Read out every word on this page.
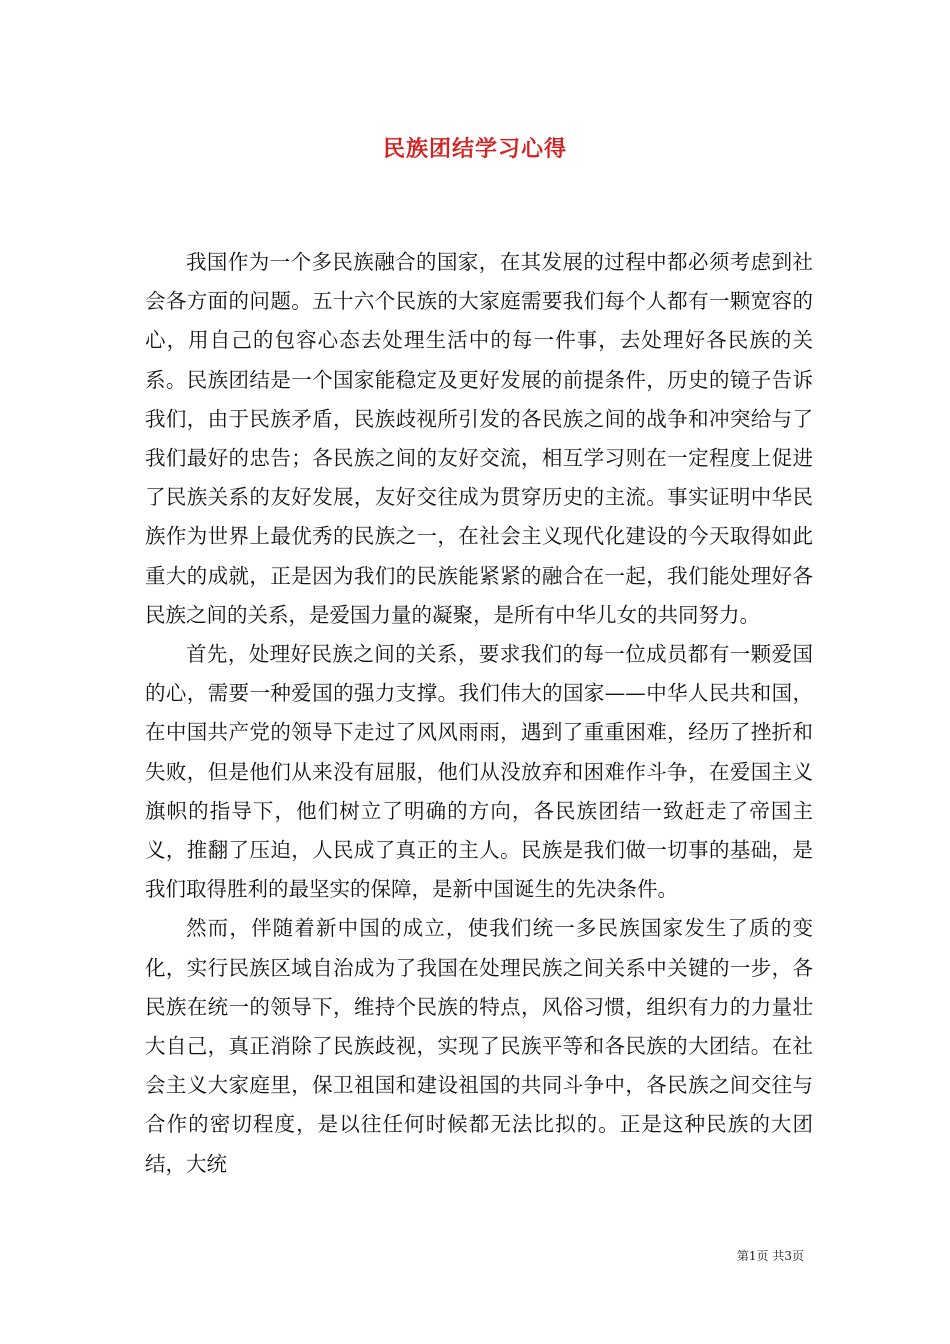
民族团结学习心得

我国作为一个多民族融合的国家，在其发展的过程中都必须考虑到社会各方面的问题。五十六个民族的大家庭需要我们每个人都有一颗宽容的心，用自己的包容心态去处理生活中的每一件事，去处理好各民族的关系。民族团结是一个国家能稳定及更好发展的前提条件，历史的镜子告诉我们，由于民族矛盾，民族歧视所引发的各民族之间的战争和冲突给与了我们最好的忠告；各民族之间的友好交流，相互学习则在一定程度上促进了民族关系的友好发展，友好交往成为贯穿历史的主流。事实证明中华民族作为世界上最优秀的民族之一，在社会主义现代化建设的今天取得如此重大的成就，正是因为我们的民族能紧紧的融合在一起，我们能处理好各民族之间的关系，是爱国力量的凝聚，是所有中华儿女的共同努力。

首先，处理好民族之间的关系，要求我们的每一位成员都有一颗爱国的心，需要一种爱国的强力支撑。我们伟大的国家——中华人民共和国，在中国共产党的领导下走过了风风雨雨，遇到了重重困难，经历了挫折和失败，但是他们从来没有屈服，他们从没放弃和困难作斗争，在爱国主义旗帜的指导下，他们树立了明确的方向，各民族团结一致赶走了帝国主义，推翻了压迫，人民成了真正的主人。民族是我们做一切事的基础，是我们取得胜利的最坚实的保障，是新中国诞生的先决条件。

然而，伴随着新中国的成立，使我们统一多民族国家发生了质的变化，实行民族区域自治成为了我国在处理民族之间关系中关键的一步，各民族在统一的领导下，维持个民族的特点，风俗习惯，组织有力的力量壮大自己，真正消除了民族歧视，实现了民族平等和各民族的大团结。在社会主义大家庭里，保卫祖国和建设祖国的共同斗争中，各民族之间交往与合作的密切程度，是以往任何时候都无法比拟的。正是这种民族的大团结，大统

第1页 共3页
